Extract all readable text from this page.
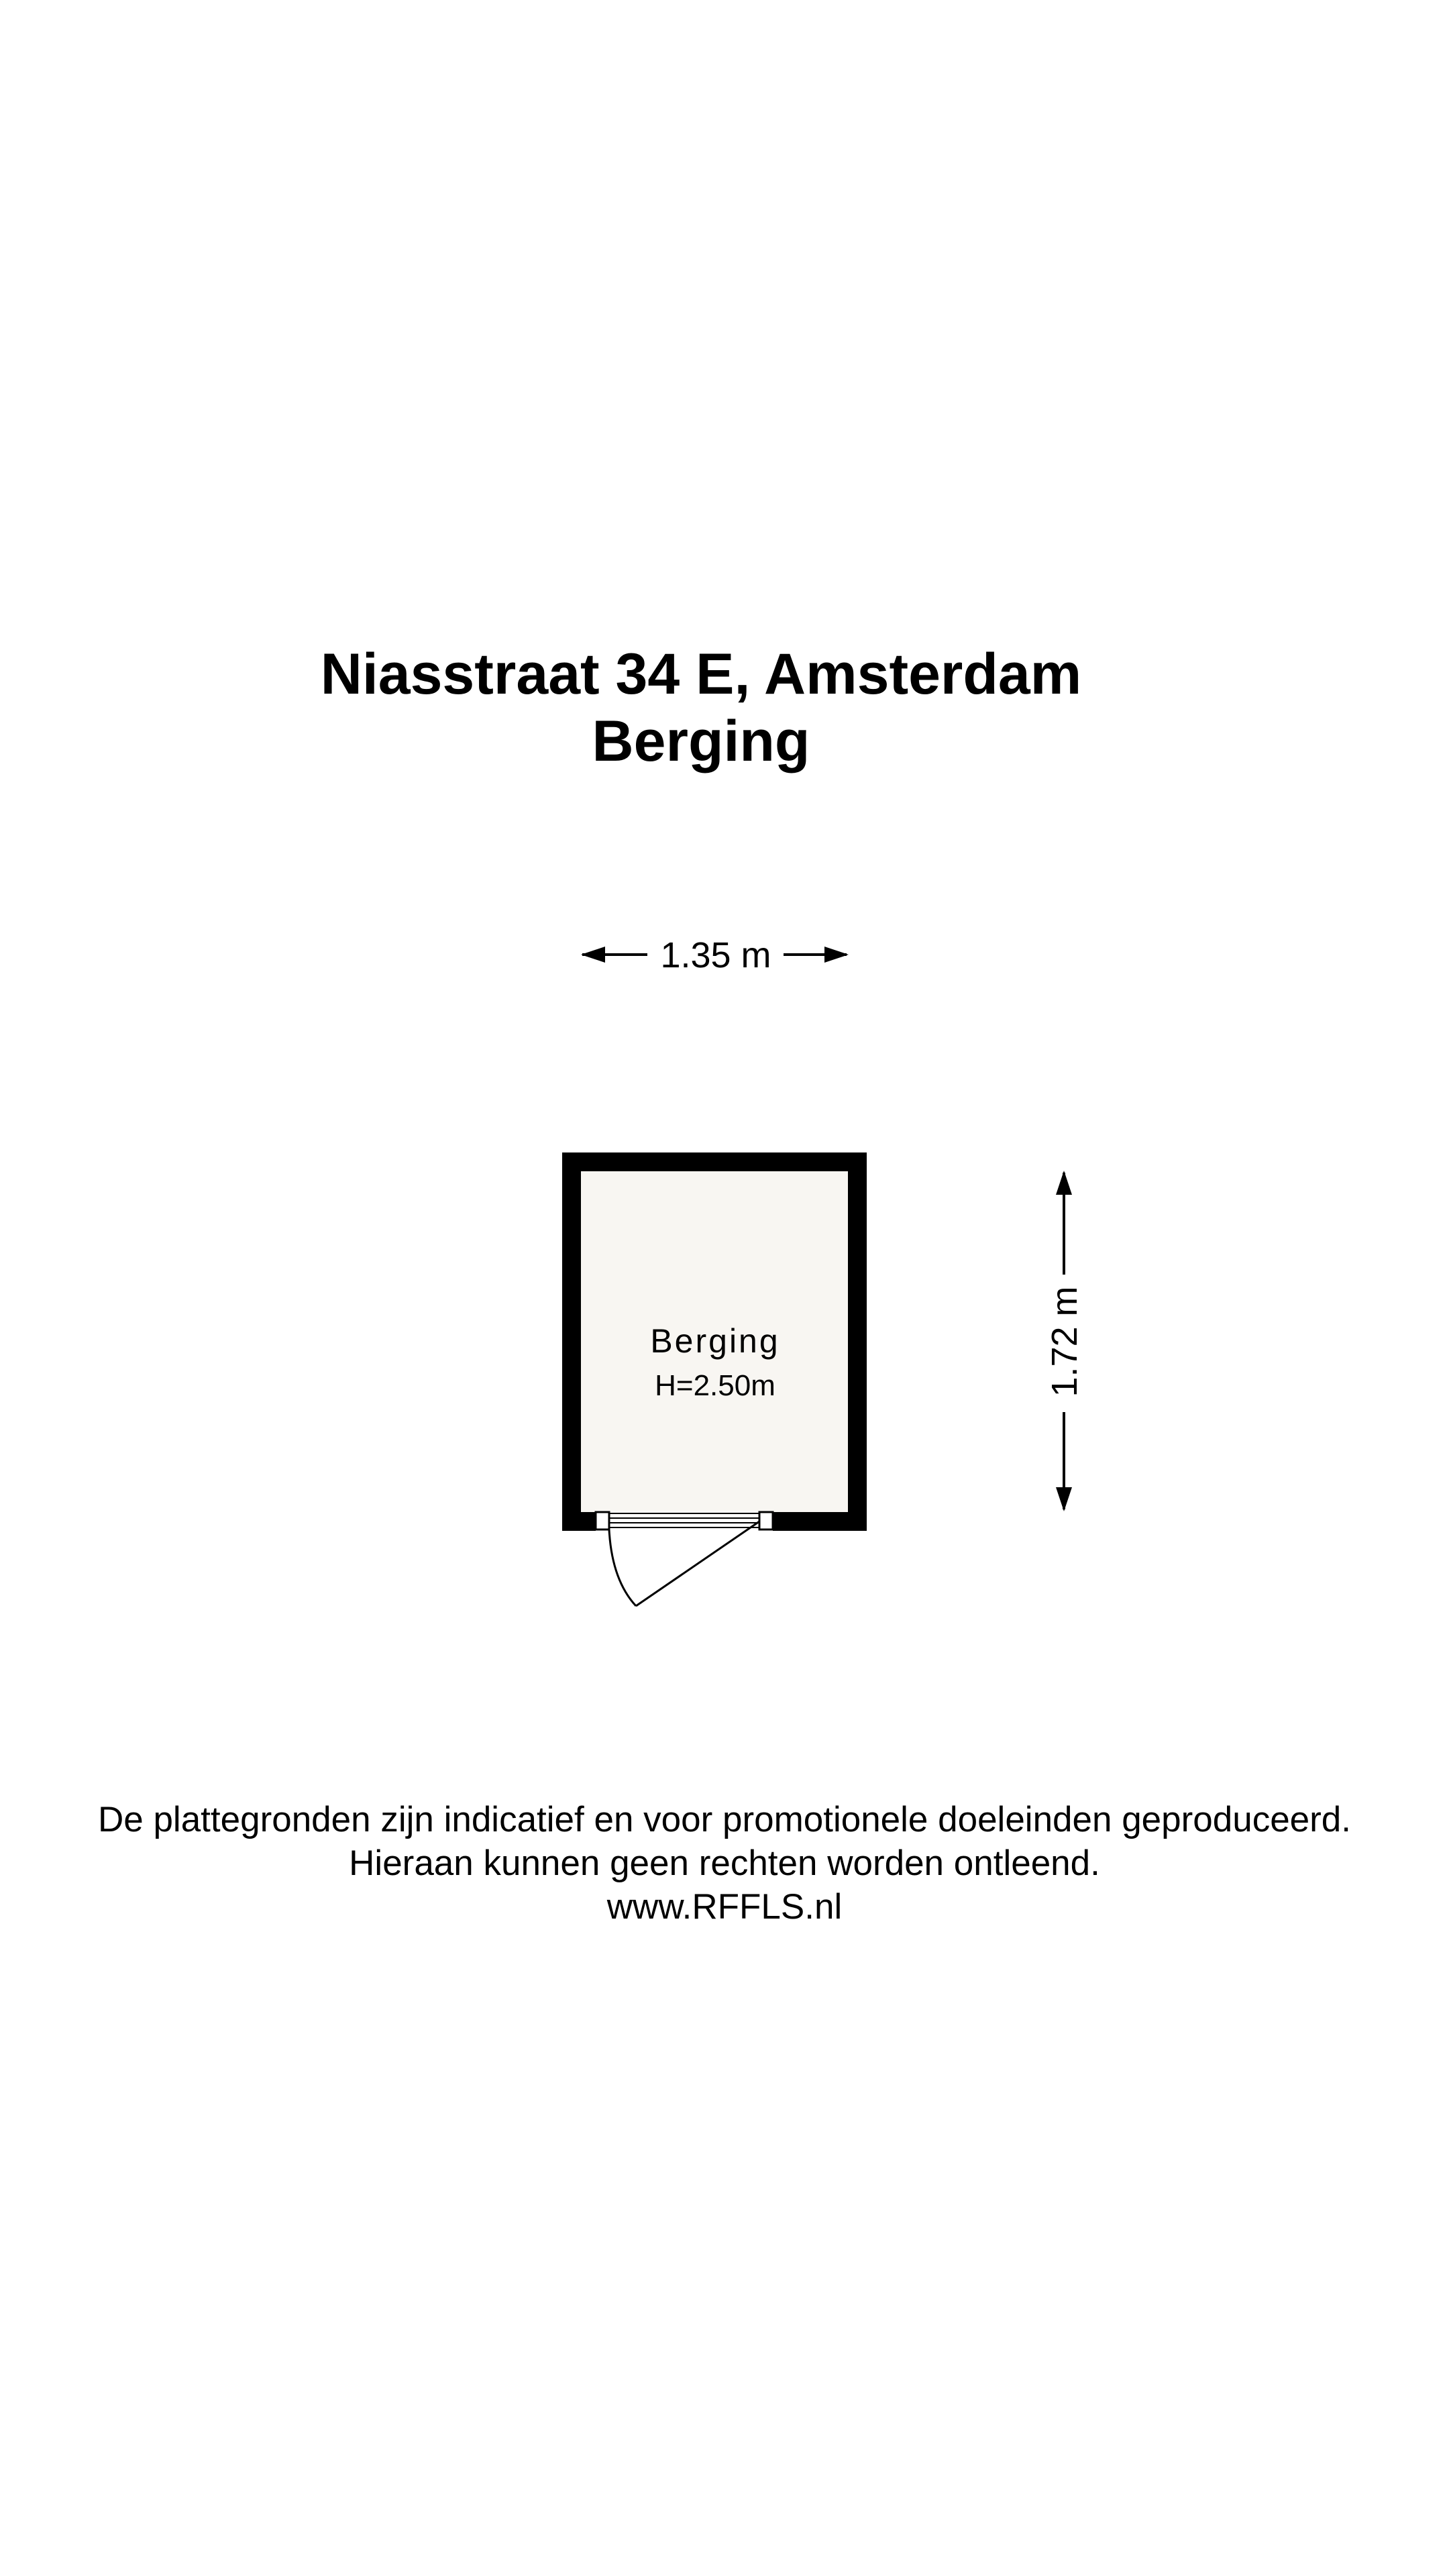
Niasstraat 34 E, Amsterdam
Berging
1.35 m
1.72 m
Berging
H=2.50m
De plattegronden zijn indicatief en voor promotionele doeleinden geproduceerd.
Hieraan kunnen geen rechten worden ontleend.
www.RFFLS.nl
